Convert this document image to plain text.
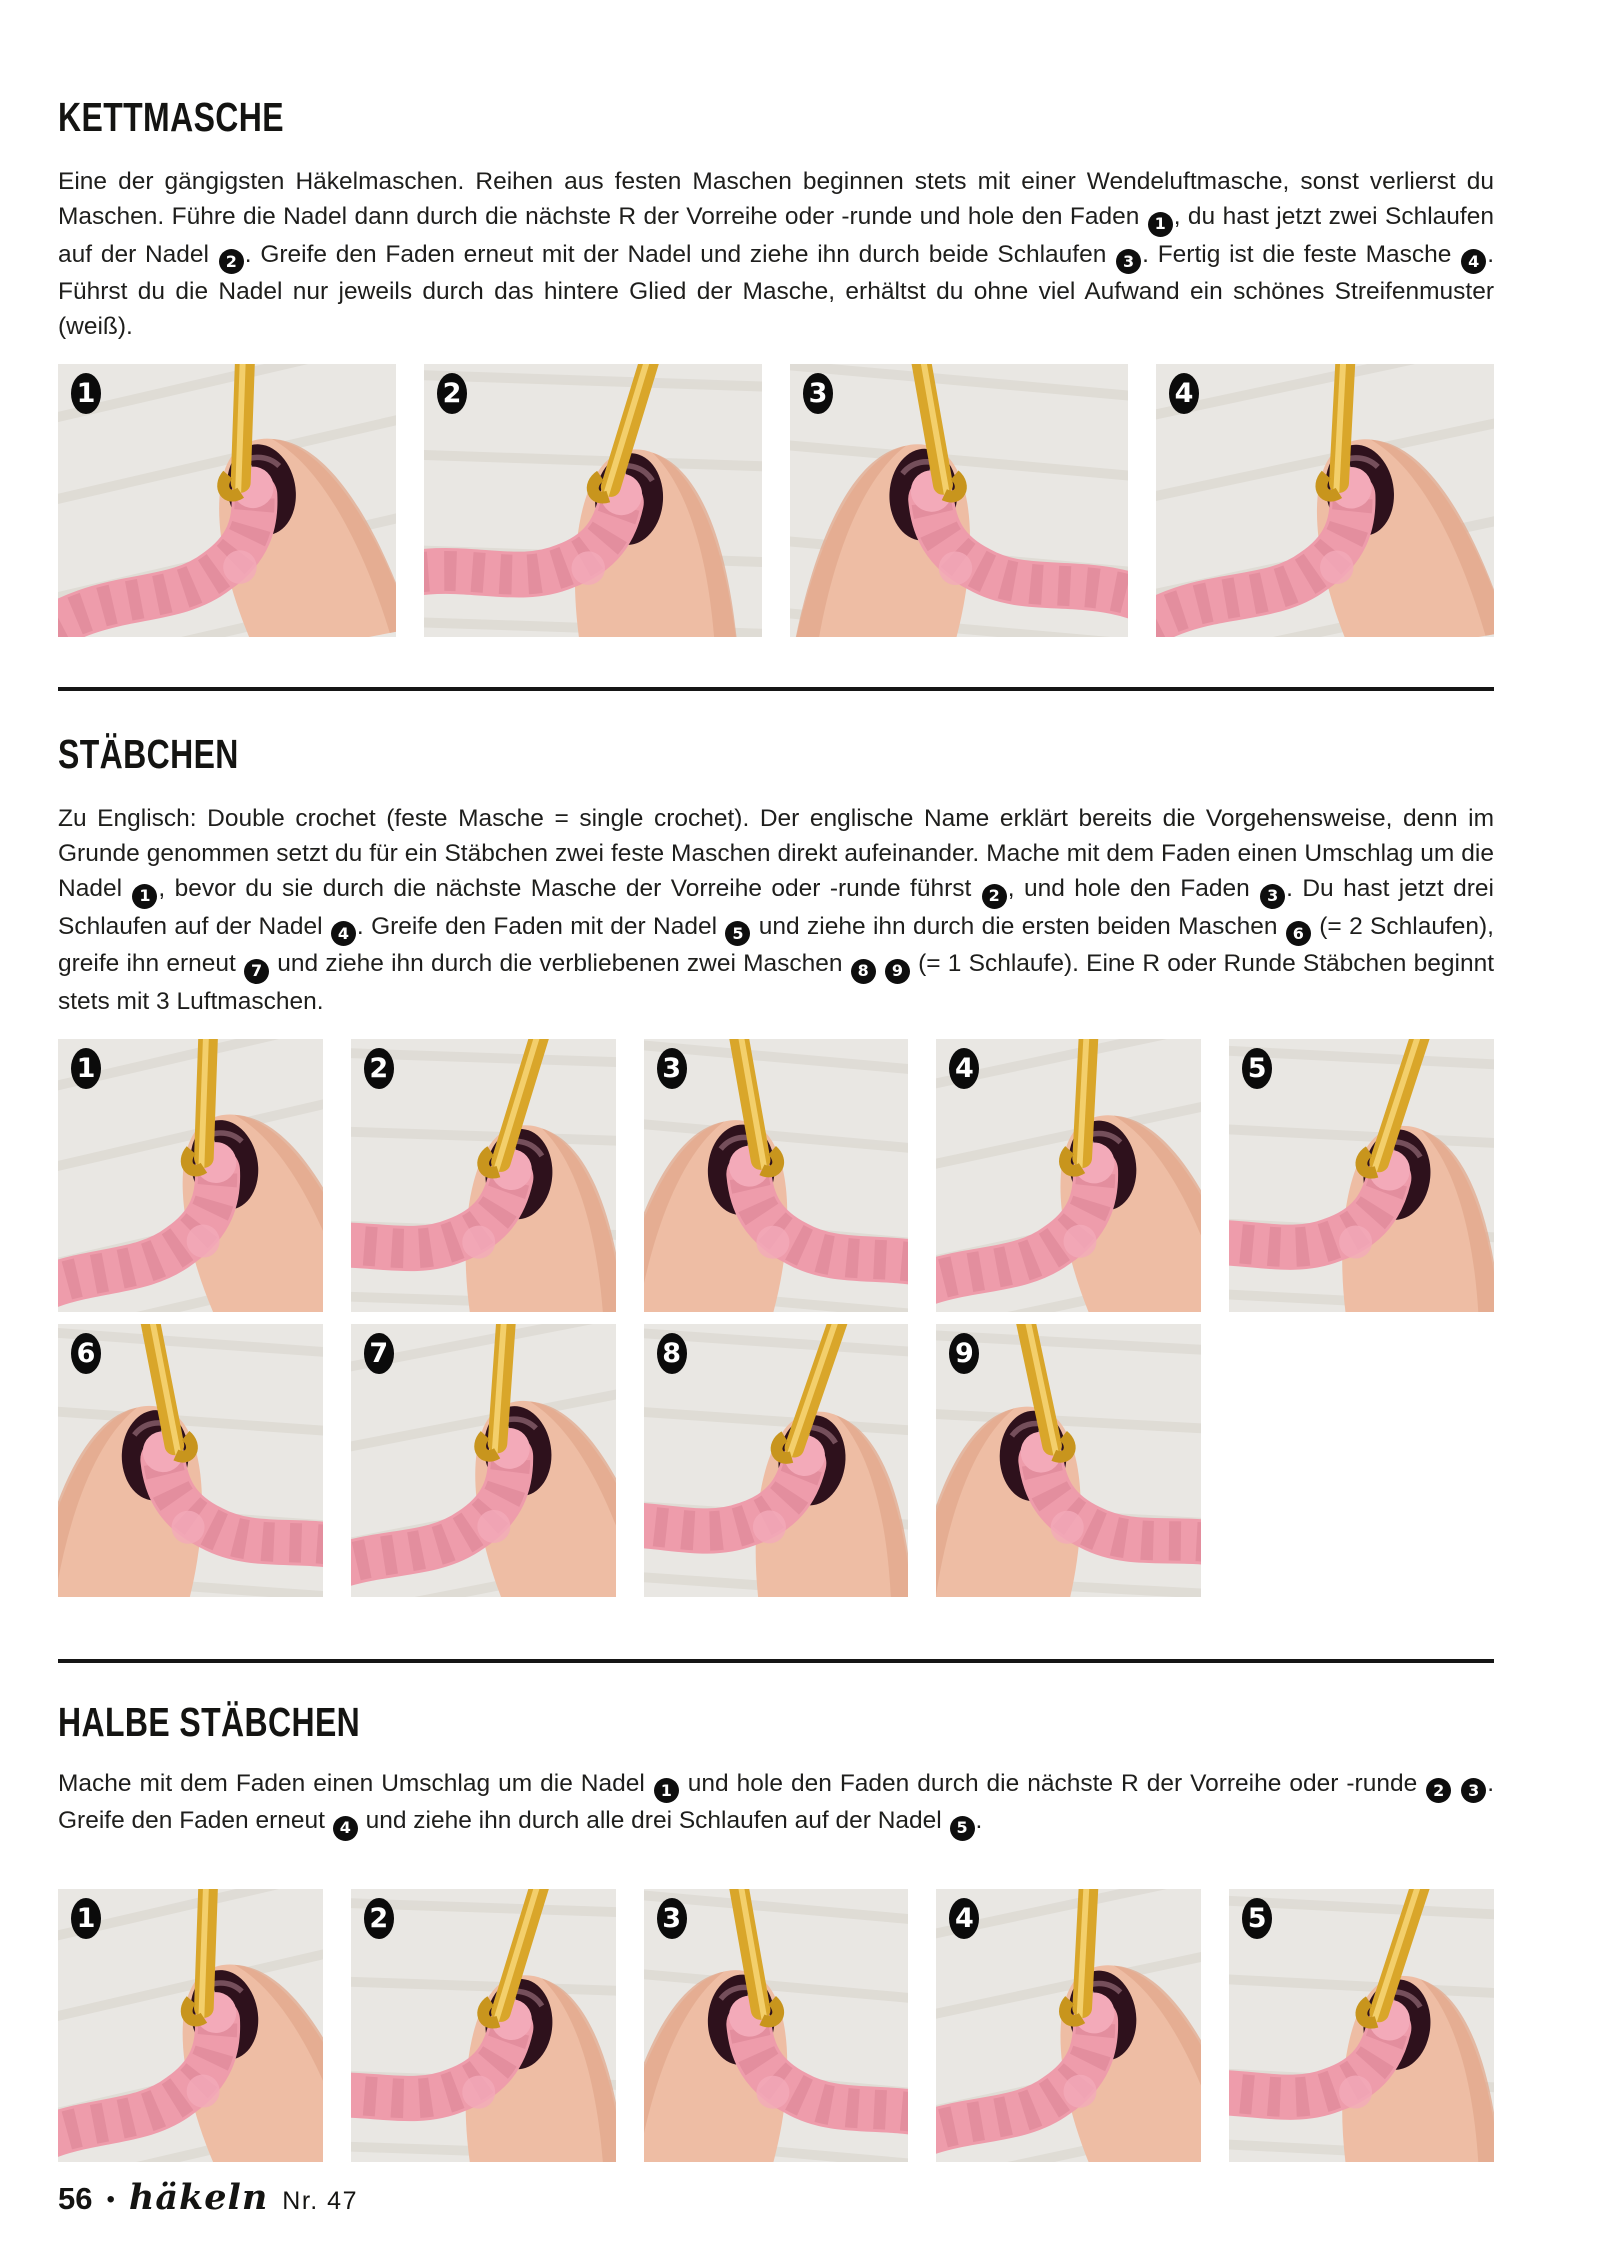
KETTMASCHE

Eine der gängigsten Häkelmaschen. Reihen aus festen Maschen beginnen stets mit einer Wendeluftmasche, sonst verlierst du Maschen. Führe die Nadel dann durch die nächste R der Vorreihe oder -runde und hole den Faden 1 , du hast jetzt zwei Schlaufen auf der Nadel 2 . Greife den Faden erneut mit der Nadel und ziehe ihn durch beide Schlaufen 3 . Fertig ist die feste Masche 4 . Führst du die Nadel nur jeweils durch das hintere Glied der Masche, erhältst du ohne viel Aufwand ein schönes Streifenmuster (weiß).

1	2	3	4
STÄBCHEN

Zu Englisch: Double crochet (feste Masche = single crochet). Der englische Name erklärt bereits die Vorgehensweise, denn im Grunde genommen setzt du für ein Stäbchen zwei feste Maschen direkt aufeinander. Mache mit dem Faden einen Umschlag um die Nadel 1 , bevor du sie durch die nächste Masche der Vorreihe oder -runde führst 2 , und hole den Faden 3 . Du hast jetzt drei Schlaufen auf der Nadel 4 . Greife den Faden mit der Nadel 5 und ziehe ihn durch die ersten beiden Maschen 6 (= 2 Schlaufen), greife ihn erneut 7 und ziehe ihn durch die verbliebenen zwei Maschen 8 9 (= 1 Schlaufe). Eine R oder Runde Stäbchen beginnt stets mit 3 Luftmaschen.

1	2	3	4	5
6	7	8	9
HALBE STÄBCHEN

Mache mit dem Faden einen Umschlag um die Nadel 1 und hole den Faden durch die nächste R der Vorreihe oder -runde 2 3 . Greife den Faden erneut 4 und ziehe ihn durch alle drei Schlaufen auf der Nadel 5 .

1	2	3	4	5
56 • häkeln Nr. 47
